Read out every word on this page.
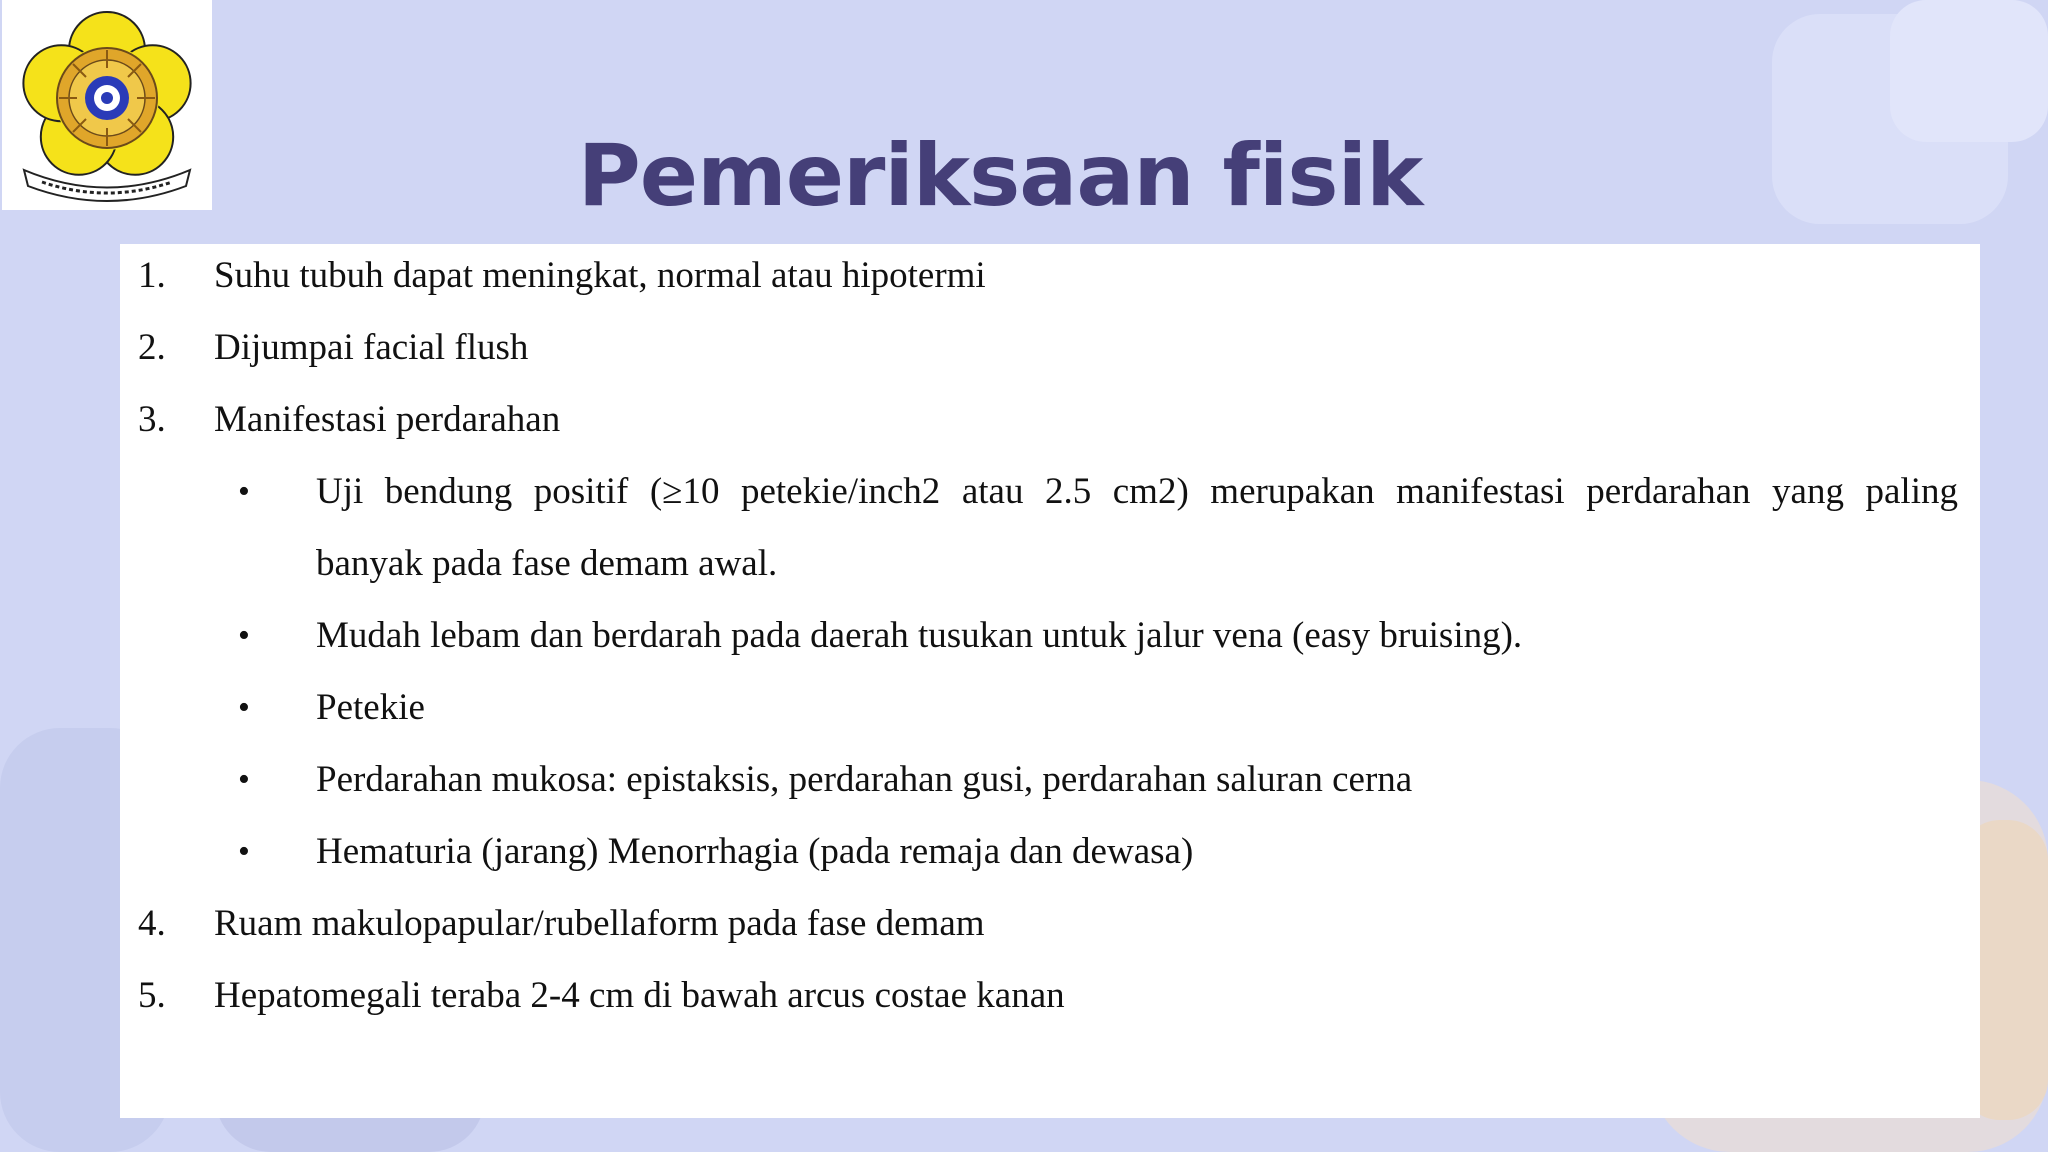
Pemeriksaan fisik
1. Suhu tubuh dapat meningkat, normal atau hipotermi
2. Dijumpai facial flush
3. Manifestasi perdarahan
• Uji bendung positif (≥10 petekie/inch2 atau 2.5 cm2) merupakan manifestasi perdarahan yang paling
banyak pada fase demam awal.
• Mudah lebam dan berdarah pada daerah tusukan untuk jalur vena (easy bruising).
• Petekie
• Perdarahan mukosa: epistaksis, perdarahan gusi, perdarahan saluran cerna
• Hematuria (jarang) Menorrhagia (pada remaja dan dewasa)
4. Ruam makulopapular/rubellaform pada fase demam
5. Hepatomegali teraba 2-4 cm di bawah arcus costae kanan
